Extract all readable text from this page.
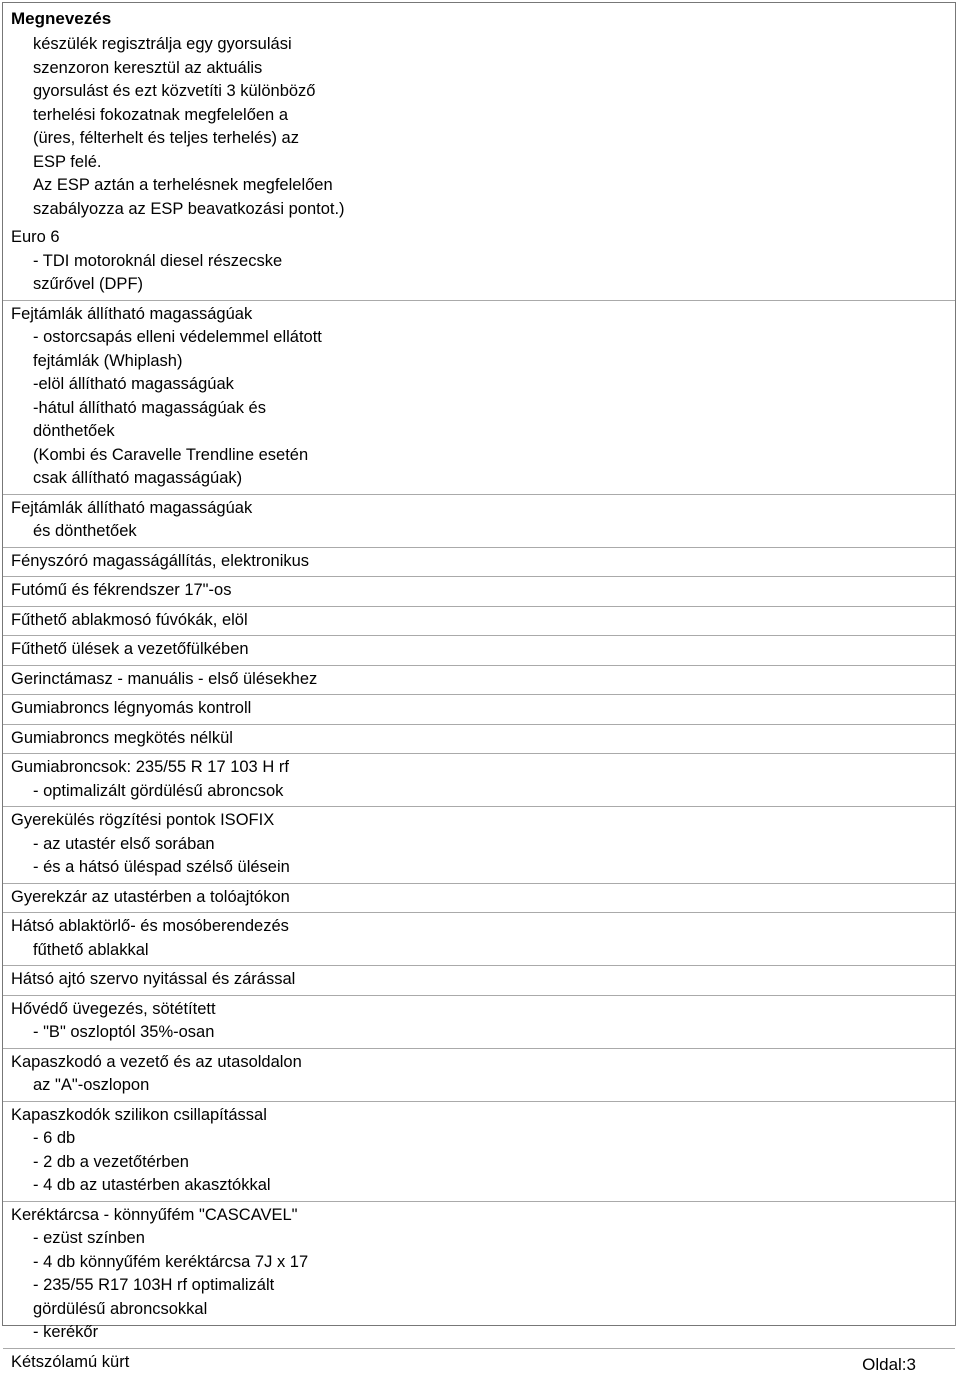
Megnevezés
készülék regisztrálja egy gyorsulási
szenzoron keresztül az aktuális
gyorsulást és ezt közvetíti 3 különböző
terhelési fokozatnak megfelelően a
(üres, félterhelt és teljes terhelés) az
ESP felé.
Az ESP aztán a terhelésnek megfelelően
szabályozza az ESP beavatkozási pontot.)
Euro 6
- TDI motoroknál diesel részecske
szűrővel (DPF)
Fejtámlák állítható magasságúak
- ostorcsapás elleni védelemmel ellátott
fejtámlák (Whiplash)
-elöl állítható magasságúak
-hátul állítható magasságúak és
dönthetőek
(Kombi és Caravelle Trendline esetén
csak állítható magasságúak)
Fejtámlák állítható magasságúak
és dönthetőek
Fényszóró magasságállítás, elektronikus
Futómű és fékrendszer 17"-os
Fűthető ablakmosó fúvókák, elöl
Fűthető ülések a vezetőfülkében
Gerinctámasz - manuális - első ülésekhez
Gumiabroncs légnyomás kontroll
Gumiabroncs megkötés nélkül
Gumiabroncsok: 235/55 R 17 103 H rf
- optimalizált gördülésű abroncsok
Gyerekülés rögzítési pontok ISOFIX
- az utastér első sorában
- és a hátsó üléspad szélső ülésein
Gyerekzár az utastérben a tolóajtókon
Hátsó ablaktörlő- és mosóberendezés
fűthető ablakkal
Hátsó ajtó szervo nyitással és zárással
Hővédő üvegezés, sötétített
- "B" oszloptól 35%-osan
Kapaszkodó a vezető és az utasoldalon
az "A"-oszlopon
Kapaszkodók szilikon csillapítással
- 6 db
- 2 db a vezetőtérben
- 4 db az utastérben akasztókkal
Keréktárcsa - könnyűfém "CASCAVEL"
- ezüst színben
- 4 db könnyűfém keréktárcsa 7J x 17
- 235/55 R17 103H rf optimalizált
gördülésű abroncsokkal
- kerékőr
Kétszólamú kürt	Oldal:3
